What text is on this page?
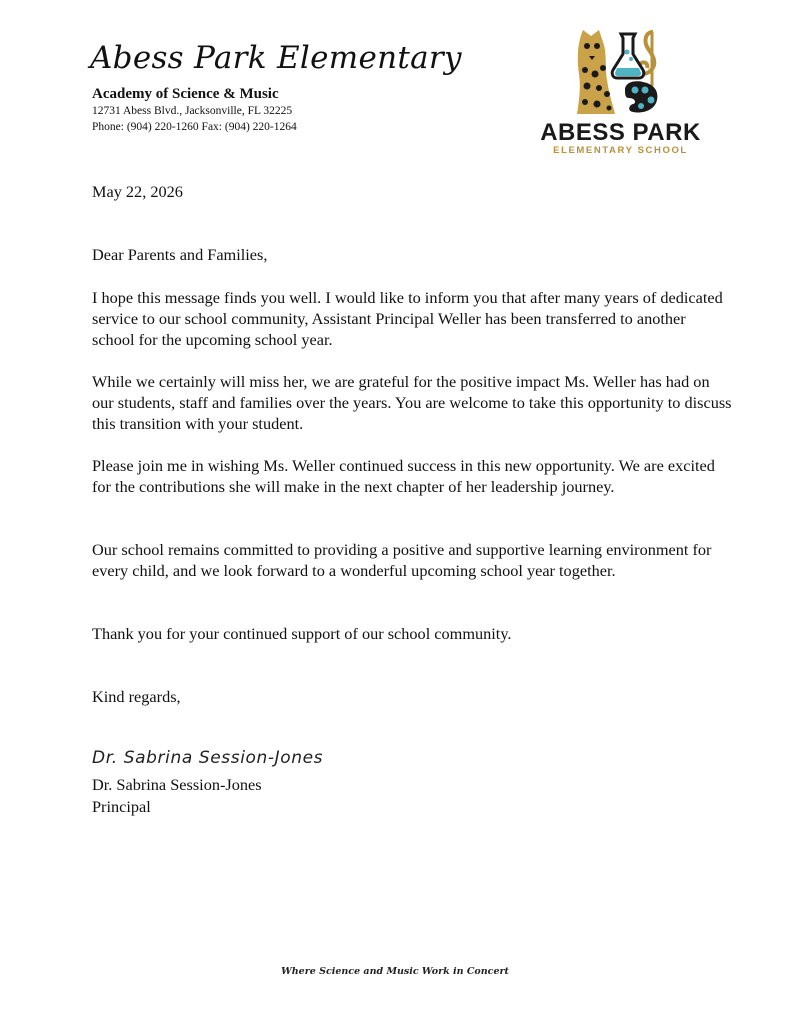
Abess Park Elementary
Academy of Science & Music
12731 Abess Blvd., Jacksonville, FL 32225
Phone: (904) 220-1260 Fax: (904) 220-1264	ABESS PARK
ELEMENTARY SCHOOL
May 22, 2026
Dear Parents and Families,
I hope this message finds you well. I would like to inform you that after many years of dedicated service to our school community, Assistant Principal Weller has been transferred to another school for the upcoming school year.
While we certainly will miss her, we are grateful for the positive impact Ms. Weller has had on our students, staff and families over the years. You are welcome to take this opportunity to discuss this transition with your student.
Please join me in wishing Ms. Weller continued success in this new opportunity. We are excited for the contributions she will make in the next chapter of her leadership journey.
Our school remains committed to providing a positive and supportive learning environment for every child, and we look forward to a wonderful upcoming school year together.
Thank you for your continued support of our school community.
Kind regards,
Dr. Sabrina Session-Jones
Dr. Sabrina Session-Jones
Principal
Where Science and Music Work in Concert
